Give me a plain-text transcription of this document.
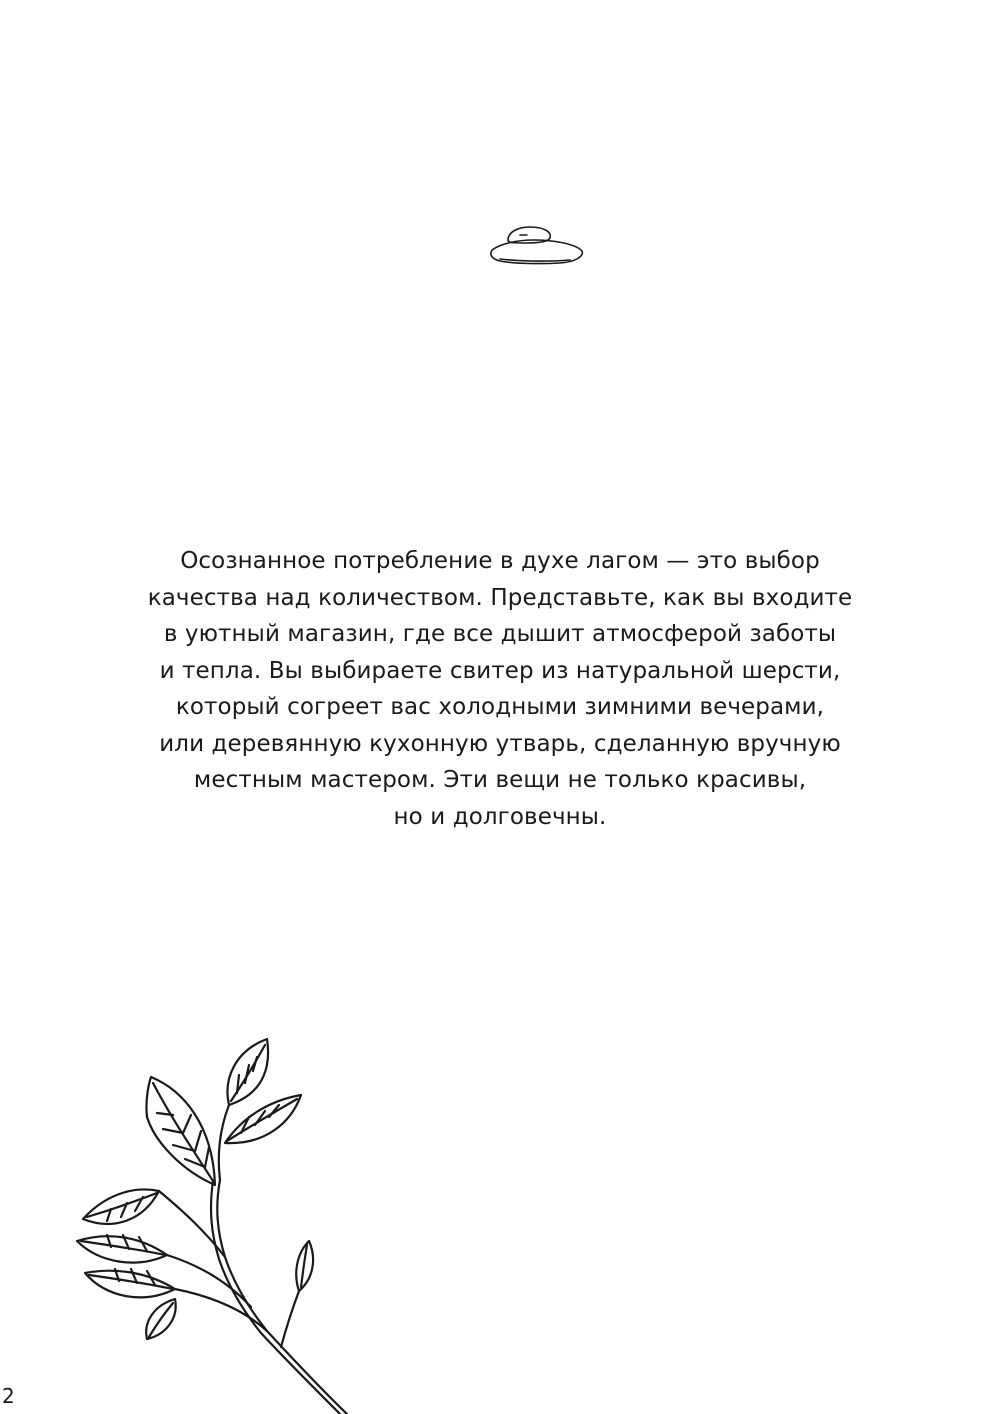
Осознанное потребление в духе лагом — это выбор
качества над количеством. Представьте, как вы входите
в уютный магазин, где все дышит атмосферой заботы
и тепла. Вы выбираете свитер из натуральной шерсти,
который согреет вас холодными зимними вечерами,
или деревянную кухонную утварь, сделанную вручную
местным мастером. Эти вещи не только красивы,
но и долговечны.
2
